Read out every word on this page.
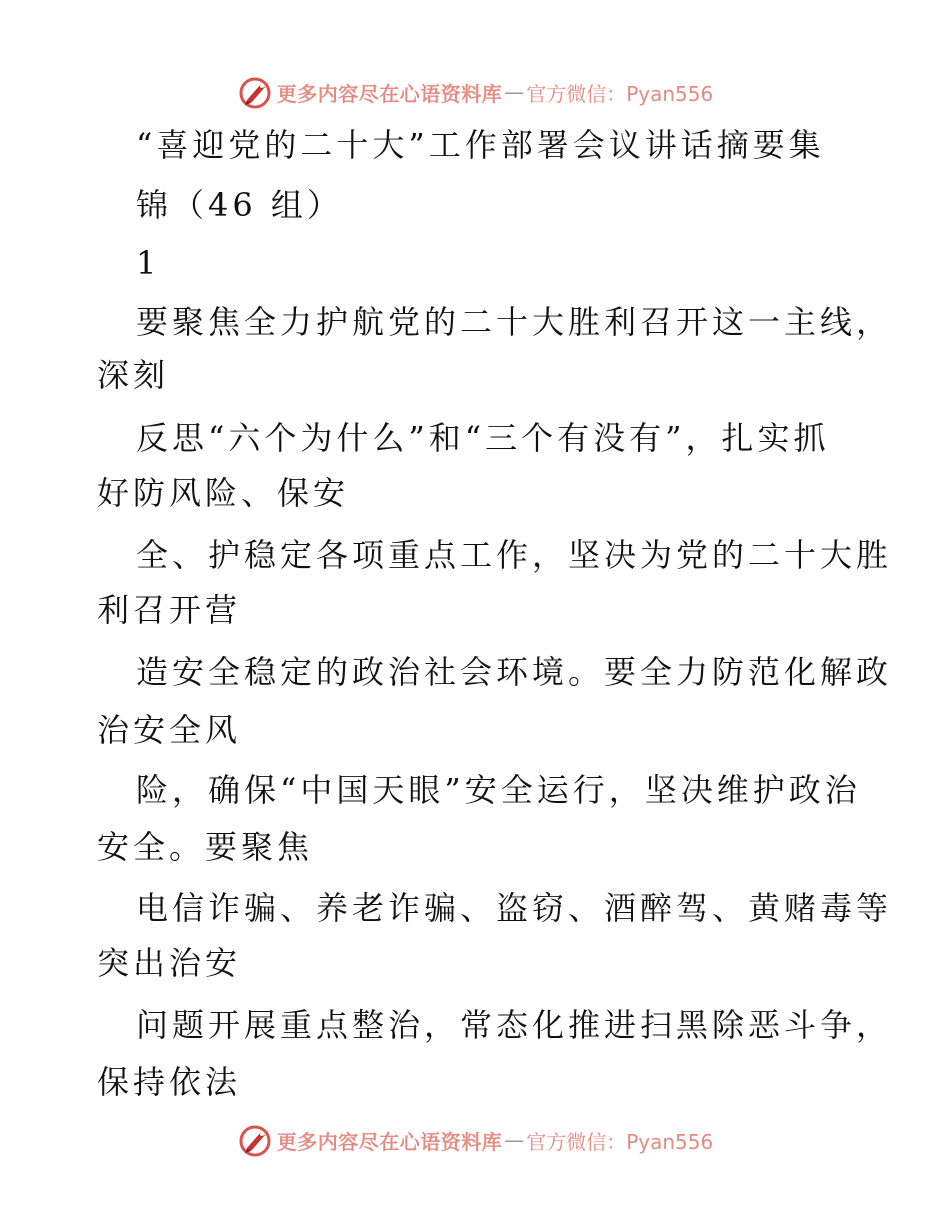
更多内容尽在心语资料库 — 官方微信：Pyan556
“喜迎党的二十大”工作部署会议讲话摘要集
锦（46 组）
1
要聚焦全力护航党的二十大胜利召开这一主线，
深刻
反思“六个为什么”和“三个有没有”，扎实抓
好防风险、保安
全、护稳定各项重点工作，坚决为党的二十大胜
利召开营
造安全稳定的政治社会环境。要全力防范化解政
治安全风
险，确保“中国天眼”安全运行，坚决维护政治
安全。要聚焦
电信诈骗、养老诈骗、盗窃、酒醉驾、黄赌毒等
突出治安
问题开展重点整治，常态化推进扫黑除恶斗争，
保持依法
更多内容尽在心语资料库 — 官方微信：Pyan556
